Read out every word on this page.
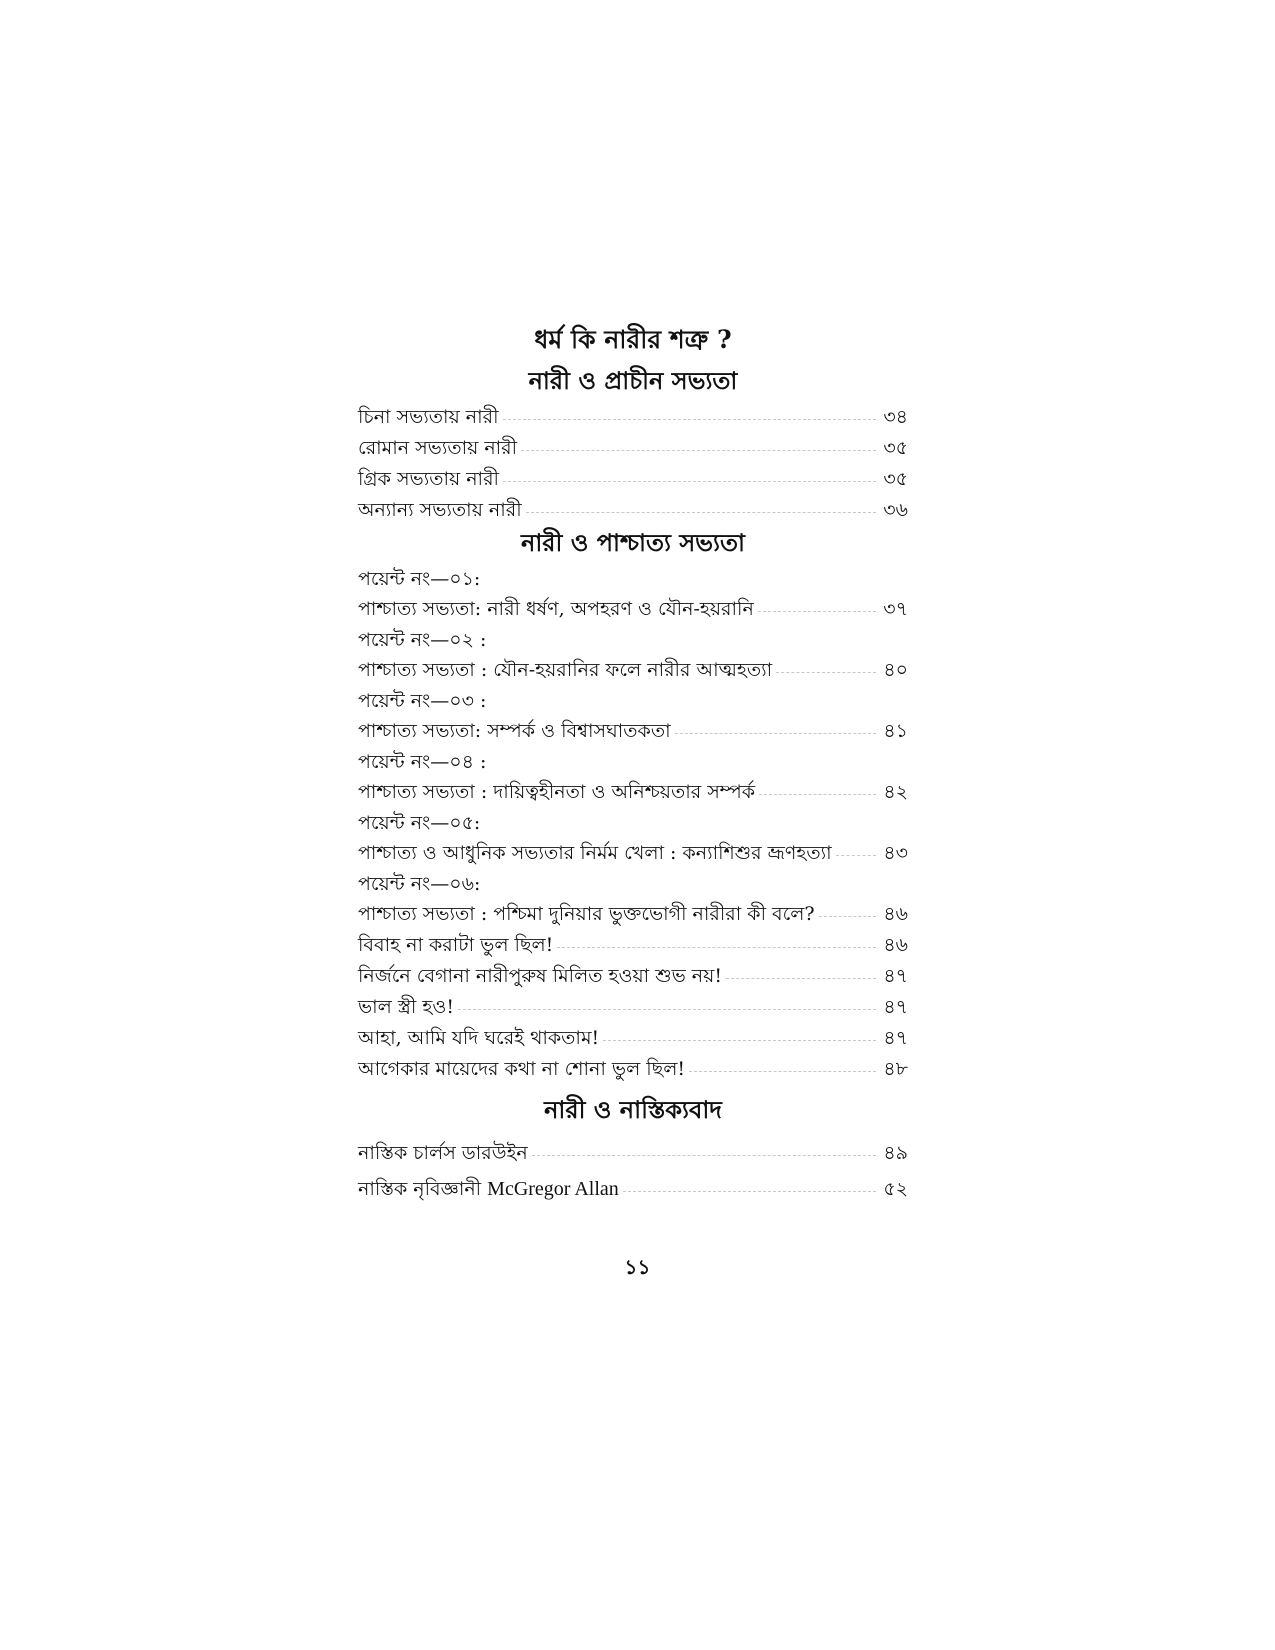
ধর্ম কি নারীর শত্রু ?
নারী ও প্রাচীন সভ্যতা
চিনা সভ্যতায় নারী	৩৪
রোমান সভ্যতায় নারী	৩৫
গ্রিক সভ্যতায় নারী	৩৫
অন্যান্য সভ্যতায় নারী	৩৬
নারী ও পাশ্চাত্য সভ্যতা
পয়েন্ট নং—০১:
পাশ্চাত্য সভ্যতা: নারী ধর্ষণ, অপহরণ ও যৌন-হয়রানি	৩৭
পয়েন্ট নং—০২ :
পাশ্চাত্য সভ্যতা : যৌন-হয়রানির ফলে নারীর আত্মহত্যা	৪০
পয়েন্ট নং—০৩ :
পাশ্চাত্য সভ্যতা: সম্পর্ক ও বিশ্বাসঘাতকতা	৪১
পয়েন্ট নং—০৪ :
পাশ্চাত্য সভ্যতা : দায়িত্বহীনতা ও অনিশ্চয়তার সম্পর্ক	৪২
পয়েন্ট নং—০৫:
পাশ্চাত্য ও আধুনিক সভ্যতার নির্মম খেলা : কন্যাশিশুর ভ্রূণহত্যা	৪৩
পয়েন্ট নং—০৬:
পাশ্চাত্য সভ্যতা : পশ্চিমা দুনিয়ার ভুক্তভোগী নারীরা কী বলে?	৪৬
বিবাহ না করাটা ভুল ছিল!	৪৬
নির্জনে বেগানা নারীপুরুষ মিলিত হওয়া শুভ নয়!	৪৭
ভাল স্ত্রী হও!	৪৭
আহা, আমি যদি ঘরেই থাকতাম!	৪৭
আগেকার মায়েদের কথা না শোনা ভুল ছিল!	৪৮
নারী ও নাস্তিক্যবাদ
নাস্তিক চার্লস ডারউইন	৪৯
নাস্তিক নৃবিজ্ঞানী McGregor Allan	৫২
১১
